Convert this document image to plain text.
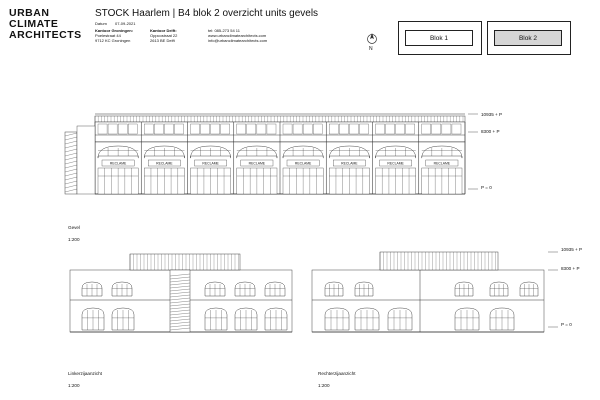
URBAN
CLIMATE
ARCHITECTS
STOCK Haarlem | B4 blok 2 overzicht units gevels
Datum 07-09-2021
Kantoor Groningen:
Poelestraat 44
9712 KC Groningen
Kantoor Delft:
Oppcostraat 22
2613 BE Delft
tel: 085-273 54 11
www.urbanclimatearchitects.com
info@urbanclimatearchitects.com
N
Blok 1	Blok 2
RECLAME	RECLAME	RECLAME	RECLAME	RECLAME	RECLAME	RECLAME	RECLAME
10935 + P
8300 + P
P = 0
Gevel
1:200
Linkerzijaanzicht
1:200
Rechterzijaanzicht
1:200
10935 + P
8300 + P
P = 0
